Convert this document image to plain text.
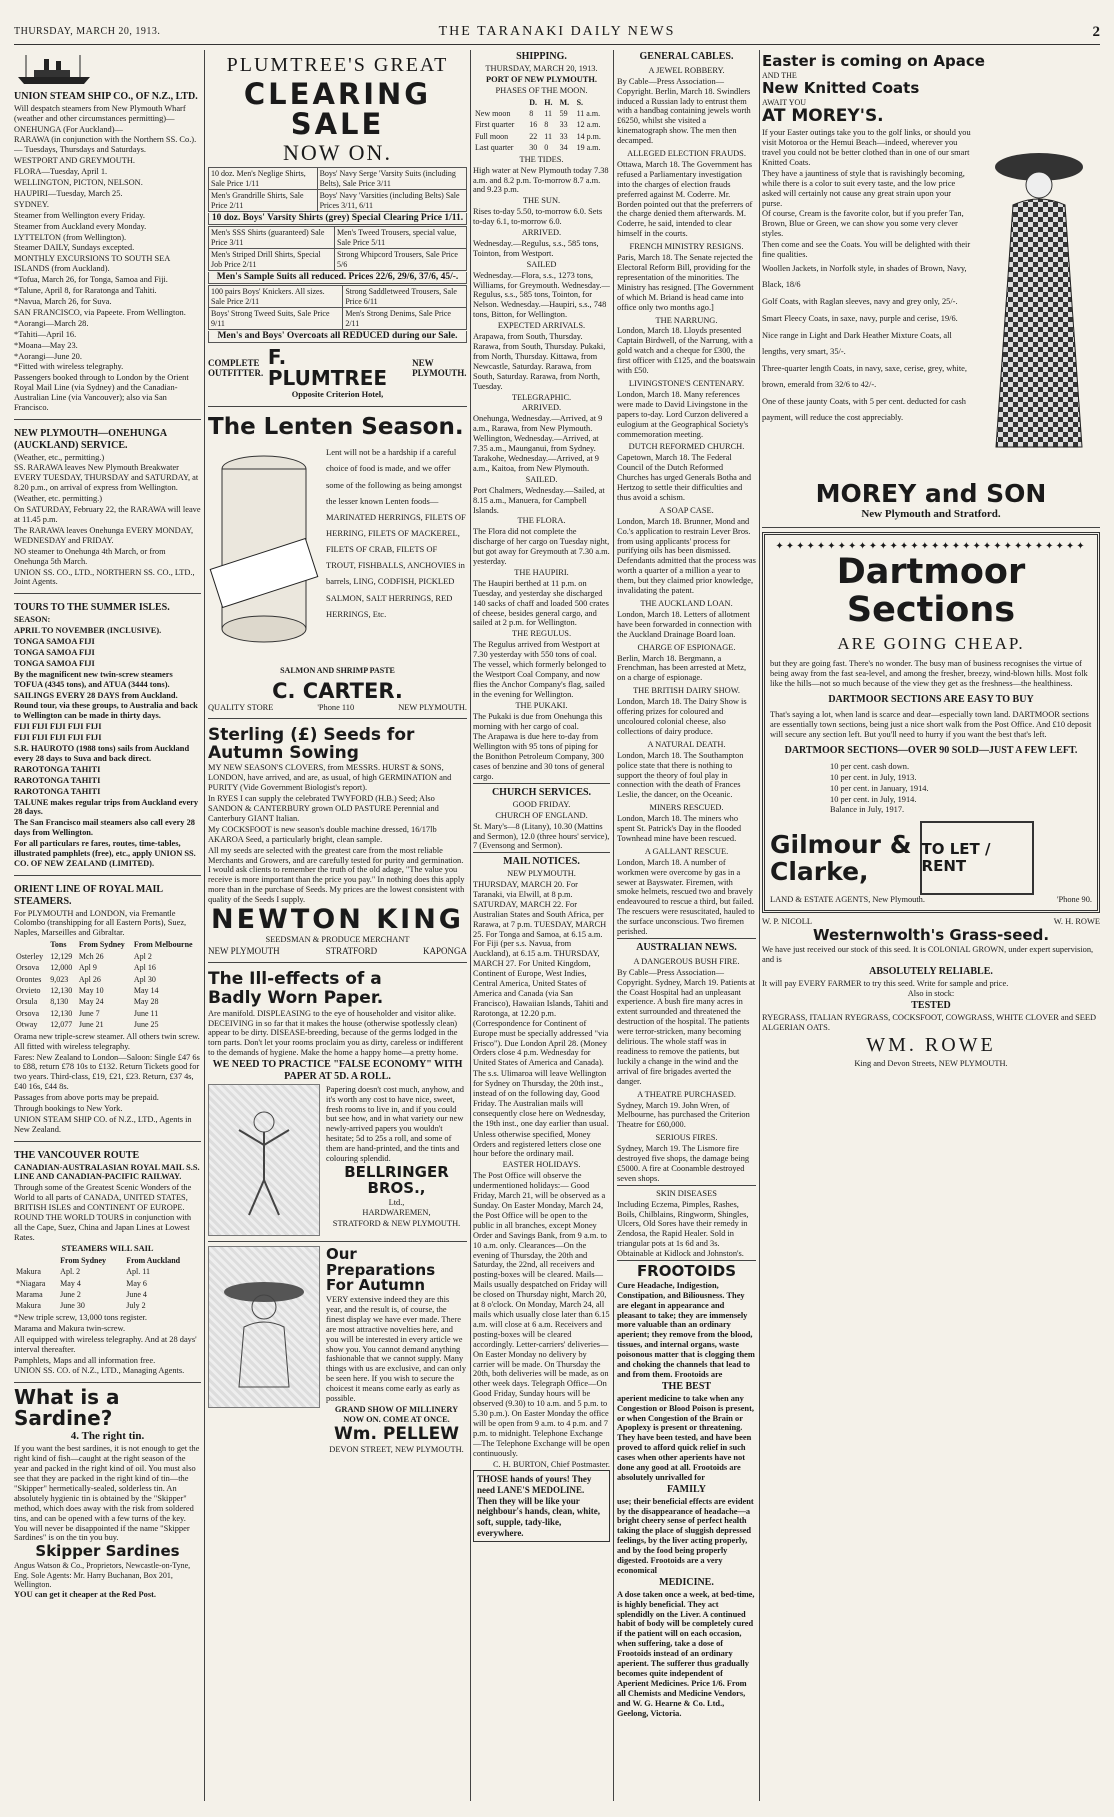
THURSDAY, MARCH 20, 1913.	THE TARANAKI DAILY NEWS	2

UNION STEAM SHIP CO., OF N.Z., LTD.

Will despatch steamers from New Plymouth Wharf (weather and other circumstances permitting)—

ONEHUNGA (For Auckland)—

RARAWA (in conjunction with the Northern SS. Co.). — Tuesdays, Thursdays and Saturdays.

WESTPORT AND GREYMOUTH.

FLORA—Tuesday, April 1.

WELLINGTON, PICTON, NELSON.

HAUPIRI—Tuesday, March 25.

SYDNEY.

Steamer from Wellington every Friday.

Steamer from Auckland every Monday.

LYTTELTON (from Wellington).

Steamer DAILY, Sundays excepted.

MONTHLY EXCURSIONS TO SOUTH SEA ISLANDS (from Auckland).

*Tofua, March 26, for Tonga, Samoa and Fiji.

*Talune, April 8, for Raratonga and Tahiti.

*Navua, March 26, for Suva.

SAN FRANCISCO, via Papeete. From Wellington.

*Aorangi—March 28.

*Tahiti—April 16.

*Moana—May 23.

*Aorangi—June 20.

*Fitted with wireless telegraphy.

Passengers booked through to London by the Orient Royal Mail Line (via Sydney) and the Canadian-Australian Line (via Vancouver); also via San Francisco.

NEW PLYMOUTH—ONEHUNGA (AUCKLAND) SERVICE.

(Weather, etc., permitting.)

SS. RARAWA leaves New Plymouth Breakwater EVERY TUESDAY, THURSDAY and SATURDAY, at 8.20 p.m., on arrival of express from Wellington.

(Weather, etc. permitting.)

On SATURDAY, February 22, the RARAWA will leave at 11.45 p.m.

The RARAWA leaves Onehunga EVERY MONDAY, WEDNESDAY and FRIDAY.

NO steamer to Onehunga 4th March, or from Onehunga 5th March.

UNION SS. CO., LTD., NORTHERN SS. CO., LTD., Joint Agents.

TOURS TO THE SUMMER ISLES.

SEASON:

APRIL TO NOVEMBER (INCLUSIVE).

TONGA SAMOA FIJI

TONGA SAMOA FIJI

TONGA SAMOA FIJI

By the magnificent new twin-screw steamers TOFUA (4345 tons), and ATUA (3444 tons).

SAILINGS EVERY 28 DAYS from Auckland.

Round tour, via these groups, to Australia and back to Wellington can be made in thirty days.

FIJI FIJI FIJI FIJI FIJI

FIJI FIJI FIJI FIJI FIJI

S.R. HAUROTO (1988 tons) sails from Auckland every 28 days to Suva and back direct.

RAROTONGA TAHITI

RAROTONGA TAHITI

RAROTONGA TAHITI

TALUNE makes regular trips from Auckland every 28 days.

The San Francisco mail steamers also call every 28 days from Wellington.

For all particulars re fares, routes, time-tables, illustrated pamphlets (free), etc., apply UNION SS. CO. OF NEW ZEALAND (LIMITED).

ORIENT LINE OF ROYAL MAIL STEAMERS.

For PLYMOUTH and LONDON, via Fremantle Colombo (transhipping for all Eastern Ports), Suez, Naples, Marseilles and Gibraltar.

	Tons	From Sydney	From Melbourne
Osterley	12,129	Mch 26	Apl 2
Orsova	12,000	Apl 9	Apl 16
Orontes	9,023	Apl 26	Apl 30
Orvieto	12,130	May 10	May 14
Orsula	8,130	May 24	May 28
Orsova	12,130	June 7	June 11
Otway	12,077	June 21	June 25

Orama new triple-screw steamer. All others twin screw. All fitted with wireless telegraphy.

Fares: New Zealand to London—Saloon: Single £47 6s to £88, return £78 10s to £132. Return Tickets good for two years. Third-class, £19, £21, £23. Return, £37 4s, £40 16s, £44 8s.

Passages from above ports may be prepaid.

Through bookings to New York.

UNION STEAM SHIP CO. of N.Z., LTD., Agents in New Zealand.

THE VANCOUVER ROUTE

CANADIAN-AUSTRALASIAN ROYAL MAIL S.S. LINE AND CANADIAN-PACIFIC RAILWAY.

Through some of the Greatest Scenic Wonders of the World to all parts of CANADA, UNITED STATES, BRITISH ISLES and CONTINENT OF EUROPE. ROUND THE WORLD TOURS in conjunction with all the Cape, Suez, China and Japan Lines at Lowest Rates.

STEAMERS WILL SAIL

	From Sydney	From Auckland
Makura	Apl. 2	Apl. 11
*Niagara	May 4	May 6
Marama	June 2	June 4
Makura	June 30	July 2

*New triple screw, 13,000 tons register.

Marama and Makura twin-screw.

All equipped with wireless telegraphy. And at 28 days' interval thereafter.

Pamphlets, Maps and all information free.

UNION SS. CO. of N.Z., LTD., Managing Agents.

What is a Sardine?

4. The right tin.

If you want the best sardines, it is not enough to get the right kind of fish—caught at the right season of the year and packed in the right kind of oil. You must also see that they are packed in the right kind of tin—the "Skipper" hermetically-sealed, solderless tin. An absolutely hygienic tin is obtained by the "Skipper" method, which does away with the risk from soldered tins, and can be opened with a few turns of the key. You will never be disappointed if the name "Skipper Sardines" is on the tin you buy.

Skipper Sardines

Angus Watson & Co., Proprietors, Newcastle-on-Tyne, Eng. Sole Agents: Mr. Harry Buchanan, Box 201, Wellington.

YOU can get it cheaper at the Red Post.

PLUMTREE'S GREAT

CLEARING SALE

NOW ON.

10 doz. Men's Neglige Shirts, Sale Price 1/11	Boys' Navy Serge 'Varsity Suits (including Belts), Sale Price 3/11
Men's Grandrille Shirts, Sale Price 2/11	Boys' Navy 'Varsities (including Belts) Sale Prices 3/11, 6/11

10 doz. Boys' Varsity Shirts (grey) Special Clearing Price 1/11.

Men's SSS Shirts (guaranteed) Sale Price 3/11	Men's Tweed Trousers, special value, Sale Price 5/11
Men's Striped Drill Shirts, Special Job Price 2/11	Strong Whipcord Trousers, Sale Price 5/6

Men's Sample Suits all reduced. Prices 22/6, 29/6, 37/6, 45/-.

100 pairs Boys' Knickers. All sizes. Sale Price 2/11	Strong Saddletweed Trousers, Sale Price 6/11
Boys' Strong Tweed Suits, Sale Price 9/11	Men's Strong Denims, Sale Price 2/11

Men's and Boys' Overcoats all REDUCED during our Sale.

COMPLETE OUTFITTER.
F. PLUMTREE
NEW PLYMOUTH.

Opposite Criterion Hotel,

The Lenten Season.

Lent will not be a hardship if a careful choice of food is made, and we offer some of the following as being amongst the lesser known Lenten foods—MARINATED HERRINGS, FILETS OF HERRING, FILETS OF MACKEREL, FILETS OF CRAB, FILETS OF TROUT, FISHBALLS, ANCHOVIES in barrels, LING, CODFISH, PICKLED SALMON, SALT HERRINGS, RED HERRINGS, Etc.

SALMON AND SHRIMP PASTE

C. CARTER.

QUALITY STORE	'Phone 110	NEW PLYMOUTH.

Sterling (£) Seeds for Autumn Sowing

MY NEW SEASON'S CLOVERS, from MESSRS. HURST & SONS, LONDON, have arrived, and are, as usual, of high GERMINATION and PURITY (Vide Government Biologist's report).

In RYES I can supply the celebrated TWYFORD (H.B.) Seed; Also SANDON & CANTERBURY grown OLD PASTURE Perennial and Canterbury GIANT Italian.

My COCKSFOOT is new season's double machine dressed, 16/17lb AKAROA Seed, a particularly bright, clean sample.

All my seeds are selected with the greatest care from the most reliable Merchants and Growers, and are carefully tested for purity and germination. I would ask clients to remember the truth of the old adage, "The value you receive is more important than the price you pay." In nothing does this apply more than in the purchase of Seeds. My prices are the lowest consistent with quality of the Seeds I supply.

NEWTON KING

SEEDSMAN & PRODUCE MERCHANT

NEW PLYMOUTH	STRATFORD	KAPONGA

The Ill-effects of a

Badly Worn Paper.

Are manifold. DISPLEASING to the eye of householder and visitor alike. DECEIVING in so far that it makes the house (otherwise spotlessly clean) appear to be dirty. DISEASE-breeding, because of the germs lodged in the torn parts. Don't let your rooms proclaim you as dirty, careless or indifferent to the demands of hygiene. Make the home a happy home—a pretty home.

WE NEED TO PRACTICE "FALSE ECONOMY" WITH PAPER AT 5D. A ROLL.

Papering doesn't cost much, anyhow, and it's worth any cost to have nice, sweet, fresh rooms to live in, and if you could but see how, and in what variety our new newly-arrived papers you wouldn't hesitate; 5d to 25s a roll, and some of them are hand-printed, and the tints and colouring splendid.

BELLRINGER BROS.,

Ltd.,

HARDWAREMEN,

STRATFORD & NEW PLYMOUTH.

Our Preparations For Autumn

VERY extensive indeed they are this year, and the result is, of course, the finest display we have ever made. There are most attractive novelties here, and you will be interested in every article we show you. You cannot demand anything fashionable that we cannot supply. Many things with us are exclusive, and can only be seen here. If you wish to secure the choicest it means come early as early as possible.

GRAND SHOW OF MILLINERY NOW ON. COME AT ONCE.

Wm. PELLEW

DEVON STREET, NEW PLYMOUTH.

SHIPPING.

THURSDAY, MARCH 20, 1913.

PORT OF NEW PLYMOUTH.

PHASES OF THE MOON.

	D.	H.	M.	S.
New moon	8	11	59	11 a.m.
First quarter	16	8	33	12 a.m.
Full moon	22	11	33	14 p.m.
Last quarter	30	0	34	19 a.m.

THE TIDES.

High water at New Plymouth today 7.38 a.m. and 8.2 p.m. To-morrow 8.7 a.m. and 9.23 p.m.

THE SUN.

Rises to-day 5.50, to-morrow 6.0. Sets to-day 6.1, to-morrow 6.0.

ARRIVED.

Wednesday.—Regulus, s.s., 585 tons, Tointon, from Westport.

SAILED

Wednesday.—Flora, s.s., 1273 tons, Williams, for Greymouth. Wednesday.—Regulus, s.s., 585 tons, Tointon, for Nelson. Wednesday.—Haupiri, s.s., 748 tons, Bitton, for Wellington.

EXPECTED ARRIVALS.

Arapawa, from South, Thursday. Rarawa, from South, Thursday. Pukaki, from North, Thursday. Kittawa, from Newcastle, Saturday. Rarawa, from South, Saturday. Rarawa, from North, Tuesday.

TELEGRAPHIC.

ARRIVED.

Onehunga, Wednesday.—Arrived, at 9 a.m., Rarawa, from New Plymouth. Wellington, Wednesday.—Arrived, at 7.35 a.m., Maunganui, from Sydney. Tarakohe, Wednesday.—Arrived, at 9 a.m., Kaitoa, from New Plymouth.

SAILED.

Port Chalmers, Wednesday.—Sailed, at 8.15 a.m., Manuera, for Campbell Islands.

THE FLORA.

The Flora did not complete the discharge of her cargo on Tuesday night, but got away for Greymouth at 7.30 a.m. yesterday.

THE HAUPIRI.

The Haupiri berthed at 11 p.m. on Tuesday, and yesterday she discharged 140 sacks of chaff and loaded 500 crates of cheese, besides general cargo, and sailed at 2 p.m. for Wellington.

THE REGULUS.

The Regulus arrived from Westport at 7.30 yesterday with 550 tons of coal. The vessel, which formerly belonged to the Westport Coal Company, and now flies the Anchor Company's flag, sailed in the evening for Wellington.

THE PUKAKI.

The Pukaki is due from Onehunga this morning with her cargo of coal.

The Arapawa is due here to-day from Wellington with 95 tons of piping for the Bonithon Petroleum Company, 300 cases of benzine and 30 tons of general cargo.

CHURCH SERVICES.

GOOD FRIDAY.

CHURCH OF ENGLAND.

St. Mary's—8 (Litany), 10.30 (Mattins and Sermon), 12.0 (three hours' service), 7 (Evensong and Sermon).

MAIL NOTICES.

NEW PLYMOUTH.

THURSDAY, MARCH 20. For Taranaki, via Elwill, at 8 p.m. SATURDAY, MARCH 22. For Australian States and South Africa, per Rarawa, at 7 p.m. TUESDAY, MARCH 25. For Tonga and Samoa, at 6.15 a.m. For Fiji (per s.s. Navua, from Auckland), at 6.15 a.m. THURSDAY, MARCH 27. For United Kingdom, Continent of Europe, West Indies, Central America, United States of America and Canada (via San Francisco), Hawaiian Islands, Tahiti and Rarotonga, at 12.20 p.m. (Correspondence for Continent of Europe must be specially addressed "via Frisco"). Due London April 28. (Money Orders close 4 p.m. Wednesday for United States of America and Canada).

The s.s. Ulimaroa will leave Wellington for Sydney on Thursday, the 20th inst., instead of on the following day, Good Friday. The Australian mails will consequently close here on Wednesday, the 19th inst., one day earlier than usual.

Unless otherwise specified, Money Orders and registered letters close one hour before the ordinary mail.

EASTER HOLIDAYS.

The Post Office will observe the undermentioned holidays:— Good Friday, March 21, will be observed as a Sunday. On Easter Monday, March 24, the Post Office will be open to the public in all branches, except Money Order and Savings Bank, from 9 a.m. to 10 a.m. only. Clearances—On the evening of Thursday, the 20th and Saturday, the 22nd, all receivers and posting-boxes will be cleared. Mails—Mails usually despatched on Friday will be closed on Thursday night, March 20, at 8 o'clock. On Monday, March 24, all mails which usually close later than 6.15 a.m. will close at 6 a.m. Receivers and posting-boxes will be cleared accordingly. Letter-carriers' deliveries—On Easter Monday no delivery by carrier will be made. On Thursday the 20th, both deliveries will be made, as on other week days. Telegraph Office—On Good Friday, Sunday hours will be observed (9.30) to 10 a.m. and 5 p.m. to 5.30 p.m.). On Easter Monday the office will be open from 9 a.m. to 4 p.m. and 7 p.m. to midnight. Telephone Exchange—The Telephone Exchange will be open continuously.

C. H. BURTON, Chief Postmaster.

THOSE hands of yours! They need LANE'S MEDOLINE. Then they will be like your neighbour's hands, clean, white, soft, supple, tady-like, everywhere.

GENERAL CABLES.

A JEWEL ROBBERY.

By Cable—Press Association—Copyright. Berlin, March 18. Swindlers induced a Russian lady to entrust them with a handbag containing jewels worth £6250, whilst she visited a kinematograph show. The men then decamped.

ALLEGED ELECTION FRAUDS.

Ottawa, March 18. The Government has refused a Parliamentary investigation into the charges of election frauds preferred against M. Coderre. Mr. Borden pointed out that the preferrers of the charge denied them afterwards. M. Coderre, he said, intended to clear himself in the courts.

FRENCH MINISTRY RESIGNS.

Paris, March 18. The Senate rejected the Electoral Reform Bill, providing for the representation of the minorities. The Ministry has resigned. [The Government of which M. Briand is head came into office only two months ago.]

THE NARRUNG.

London, March 18. Lloyds presented Captain Birdwell, of the Narrung, with a gold watch and a cheque for £300, the first officer with £125, and the boatswain with £50.

LIVINGSTONE'S CENTENARY.

London, March 18. Many references were made to David Livingstone in the papers to-day. Lord Curzon delivered a eulogium at the Geographical Society's commemoration meeting.

DUTCH REFORMED CHURCH.

Capetown, March 18. The Federal Council of the Dutch Reformed Churches has urged Generals Botha and Hertzog to settle their difficulties and thus avoid a schism.

A SOAP CASE.

London, March 18. Brunner, Mond and Co.'s application to restrain Lever Bros. from using applicants' process for purifying oils has been dismissed. Defendants admitted that the process was worth a quarter of a million a year to them, but they claimed prior knowledge, invalidating the patent.

THE AUCKLAND LOAN.

London, March 18. Letters of allotment have been forwarded in connection with the Auckland Drainage Board loan.

CHARGE OF ESPIONAGE.

Berlin, March 18. Bergmann, a Frenchman, has been arrested at Metz, on a charge of espionage.

THE BRITISH DAIRY SHOW.

London, March 18. The Dairy Show is offering prizes for coloured and uncoloured colonial cheese, also collections of dairy produce.

A NATURAL DEATH.

London, March 18. The Southampton police state that there is nothing to support the theory of foul play in connection with the death of Frances Leslie, the dancer, on the Oceanic.

MINERS RESCUED.

London, March 18. The miners who spent St. Patrick's Day in the flooded Townhead mine have been rescued.

A GALLANT RESCUE.

London, March 18. A number of workmen were overcome by gas in a sewer at Bayswater. Firemen, with smoke helmets, rescued two and bravely endeavoured to rescue a third, but failed. The rescuers were resuscitated, hauled to the surface unconscious. Two firemen perished.

AUSTRALIAN NEWS.

A DANGEROUS BUSH FIRE.

By Cable—Press Association—Copyright. Sydney, March 19. Patients at the Coast Hospital had an unpleasant experience. A bush fire many acres in extent surrounded and threatened the destruction of the hospital. The patients were terror-stricken, many becoming delirious. The whole staff was in readiness to remove the patients, but luckily a change in the wind and the arrival of fire brigades averted the danger.

A THEATRE PURCHASED.

Sydney, March 19. John Wren, of Melbourne, has purchased the Criterion Theatre for £60,000.

SERIOUS FIRES.

Sydney, March 19. The Lismore fire destroyed five shops, the damage being £5000. A fire at Coonamble destroyed seven shops.

SKIN DISEASES

Including Eczema, Pimples, Rashes, Boils, Chilblains, Ringworm, Shingles, Ulcers, Old Sores have their remedy in Zendosa, the Rapid Healer. Sold in triangular pots at 1s 6d and 3s. Obtainable at Kidlock and Johnston's.

FROOTOIDS

Cure Headache, Indigestion, Constipation, and Biliousness. They are elegant in appearance and pleasant to take; they are immensely more valuable than an ordinary aperient; they remove from the blood, tissues, and internal organs, waste poisonous matter that is clogging them and choking the channels that lead to and from them. Frootoids are

THE BEST

aperient medicine to take when any Congestion or Blood Poison is present, or when Congestion of the Brain or Apoplexy is present or threatening. They have been tested, and have been proved to afford quick relief in such cases when other aperients have not done any good at all. Frootoids are absolutely unrivalled for

FAMILY

use; their beneficial effects are evident by the disappearance of headache—a bright cheery sense of perfect health taking the place of sluggish depressed feelings, by the liver acting properly, and by the food being properly digested. Frootoids are a very economical

MEDICINE.

A dose taken once a week, at bed-time, is highly beneficial. They act splendidly on the Liver. A continued habit of body will be completely cured if the patient will on each occasion, when suffering, take a dose of Frootoids instead of an ordinary aperient. The sufferer thus gradually becomes quite independent of Aperient Medicines. Price 1/6. From all Chemists and Medicine Vendors, and W. G. Hearne & Co. Ltd., Geelong, Victoria.

Easter is coming on Apace

AND THE

New Knitted Coats

AWAIT YOU

AT MOREY'S.

If your Easter outings take you to the golf links, or should you visit Motoroa or the Hemui Beach—indeed, wherever you travel you could not be better clothed than in one of our smart Knitted Coats.

They have a jauntiness of style that is ravishingly becoming, while there is a color to suit every taste, and the low price asked will certainly not cause any great strain upon your purse.

Of course, Cream is the favorite color, but if you prefer Tan, Brown, Blue or Green, we can show you some very clever styles.

Then come and see the Coats. You will be delighted with their fine qualities.

Woollen Jackets, in Norfolk style, in shades of Brown, Navy, Black, 18/6

Golf Coats, with Raglan sleeves, navy and grey only, 25/-.

Smart Fleecy Coats, in saxe, navy, purple and cerise, 19/6.

Nice range in Light and Dark Heather Mixture Coats, all lengths, very smart, 35/-.

Three-quarter length Coats, in navy, saxe, cerise, grey, white, brown, emerald from 32/6 to 42/-.

One of these jaunty Coats, with 5 per cent. deducted for cash payment, will reduce the cost appreciably.

MOREY and SON

New Plymouth and Stratford.

✦✦✦✦✦✦✦✦✦✦✦✦✦✦✦✦✦✦✦✦✦✦✦✦✦✦✦✦✦✦

Dartmoor

Sections

ARE GOING CHEAP.

but they are going fast. There's no wonder. The busy man of business recognises the virtue of being away from the fast sea-level, and among the fresher, breezy, wind-blown hills. Most folk like the hills—not so much because of the view they get as the freshness—the healthiness.

DARTMOOR SECTIONS ARE EASY TO BUY

That's saying a lot, when land is scarce and dear—especially town land. DARTMOOR sections are essentially town sections, being just a nice short walk from the Post Office. And £10 deposit will secure any section left. But you'll need to hurry if you want the best that's left.

DARTMOOR SECTIONS—OVER 90 SOLD—JUST A FEW LEFT.

10 per cent. cash down.

10 per cent. in July, 1913.

10 per cent. in January, 1914.

10 per cent. in July, 1914.

Balance in July, 1917.

Gilmour &

Clarke,

TO LET / RENT
LAND & ESTATE AGENTS, New Plymouth.	'Phone 90.
W. P. NICOLL	W. H. ROWE

Westernwolth's Grass-seed.

We have just received our stock of this seed. It is COLONIAL GROWN, under expert supervision, and is

ABSOLUTELY RELIABLE.

It will pay EVERY FARMER to try this seed. Write for sample and price.

Also in stock:

TESTED

RYEGRASS, ITALIAN RYEGRASS, COCKSFOOT, COWGRASS, WHITE CLOVER and SEED ALGERIAN OATS.

WM. ROWE

King and Devon Streets, NEW PLYMOUTH.
